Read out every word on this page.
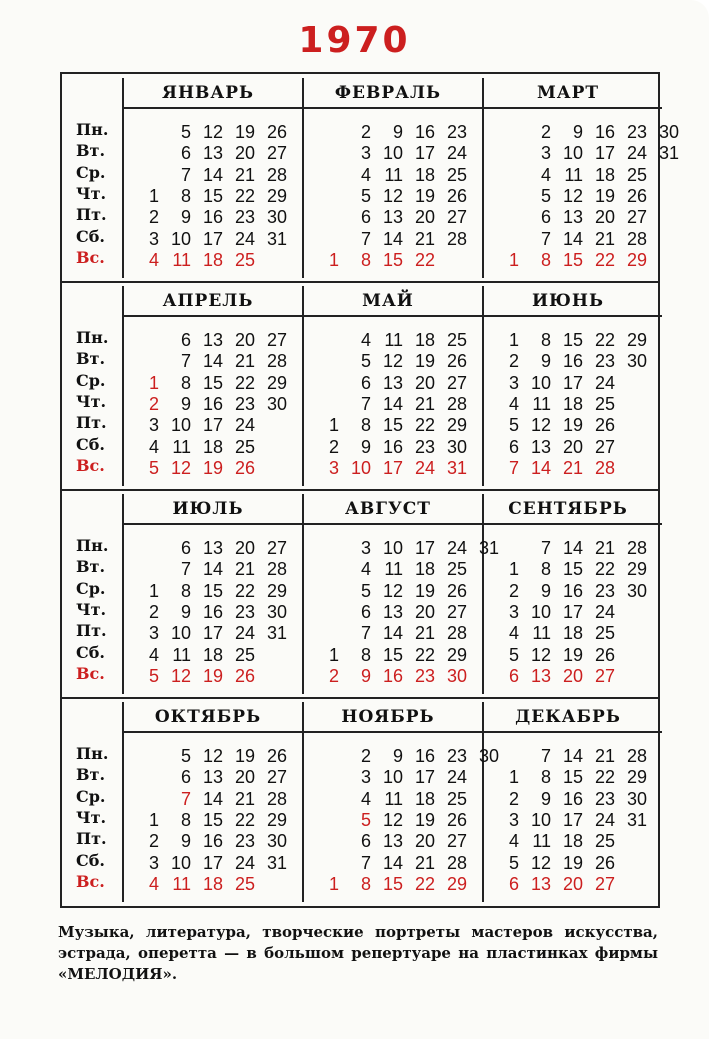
1970
Пн.
Вт.
Ср.
Чт.
Пт.
Сб.
Вс.
ЯНВАРЬ
1
2
3
4
5
6
7
8
9
10
11
12
13
14
15
16
17
18
19
20
21
22
23
24
25
26
27
28
29
30
31
ФЕВРАЛЬ
1
2
3
4
5
6
7
8
9
10
11
12
13
14
15
16
17
18
19
20
21
22
23
24
25
26
27
28
МАРТ
1
2
3
4
5
6
7
8
9
10
11
12
13
14
15
16
17
18
19
20
21
22
23
24
25
26
27
28
29
30
31
Пн.
Вт.
Ср.
Чт.
Пт.
Сб.
Вс.
АПРЕЛЬ
1
2
3
4
5
6
7
8
9
10
11
12
13
14
15
16
17
18
19
20
21
22
23
24
25
26
27
28
29
30
МАЙ
1
2
3
4
5
6
7
8
9
10
11
12
13
14
15
16
17
18
19
20
21
22
23
24
25
26
27
28
29
30
31
ИЮНЬ
1
2
3
4
5
6
7
8
9
10
11
12
13
14
15
16
17
18
19
20
21
22
23
24
25
26
27
28
29
30
Пн.
Вт.
Ср.
Чт.
Пт.
Сб.
Вс.
ИЮЛЬ
1
2
3
4
5
6
7
8
9
10
11
12
13
14
15
16
17
18
19
20
21
22
23
24
25
26
27
28
29
30
31
АВГУСТ
1
2
3
4
5
6
7
8
9
10
11
12
13
14
15
16
17
18
19
20
21
22
23
24
25
26
27
28
29
30
31
СЕНТЯБРЬ
1
2
3
4
5
6
7
8
9
10
11
12
13
14
15
16
17
18
19
20
21
22
23
24
25
26
27
28
29
30
Пн.
Вт.
Ср.
Чт.
Пт.
Сб.
Вс.
ОКТЯБРЬ
1
2
3
4
5
6
7
8
9
10
11
12
13
14
15
16
17
18
19
20
21
22
23
24
25
26
27
28
29
30
31
НОЯБРЬ
1
2
3
4
5
6
7
8
9
10
11
12
13
14
15
16
17
18
19
20
21
22
23
24
25
26
27
28
29
30
ДЕКАБРЬ
1
2
3
4
5
6
7
8
9
10
11
12
13
14
15
16
17
18
19
20
21
22
23
24
25
26
27
28
29
30
31
Музыка, литература, творческие портреты мастеров искусства, эстрада, оперетта — в большом репертуаре на пластинках фирмы «МЕЛОДИЯ».
